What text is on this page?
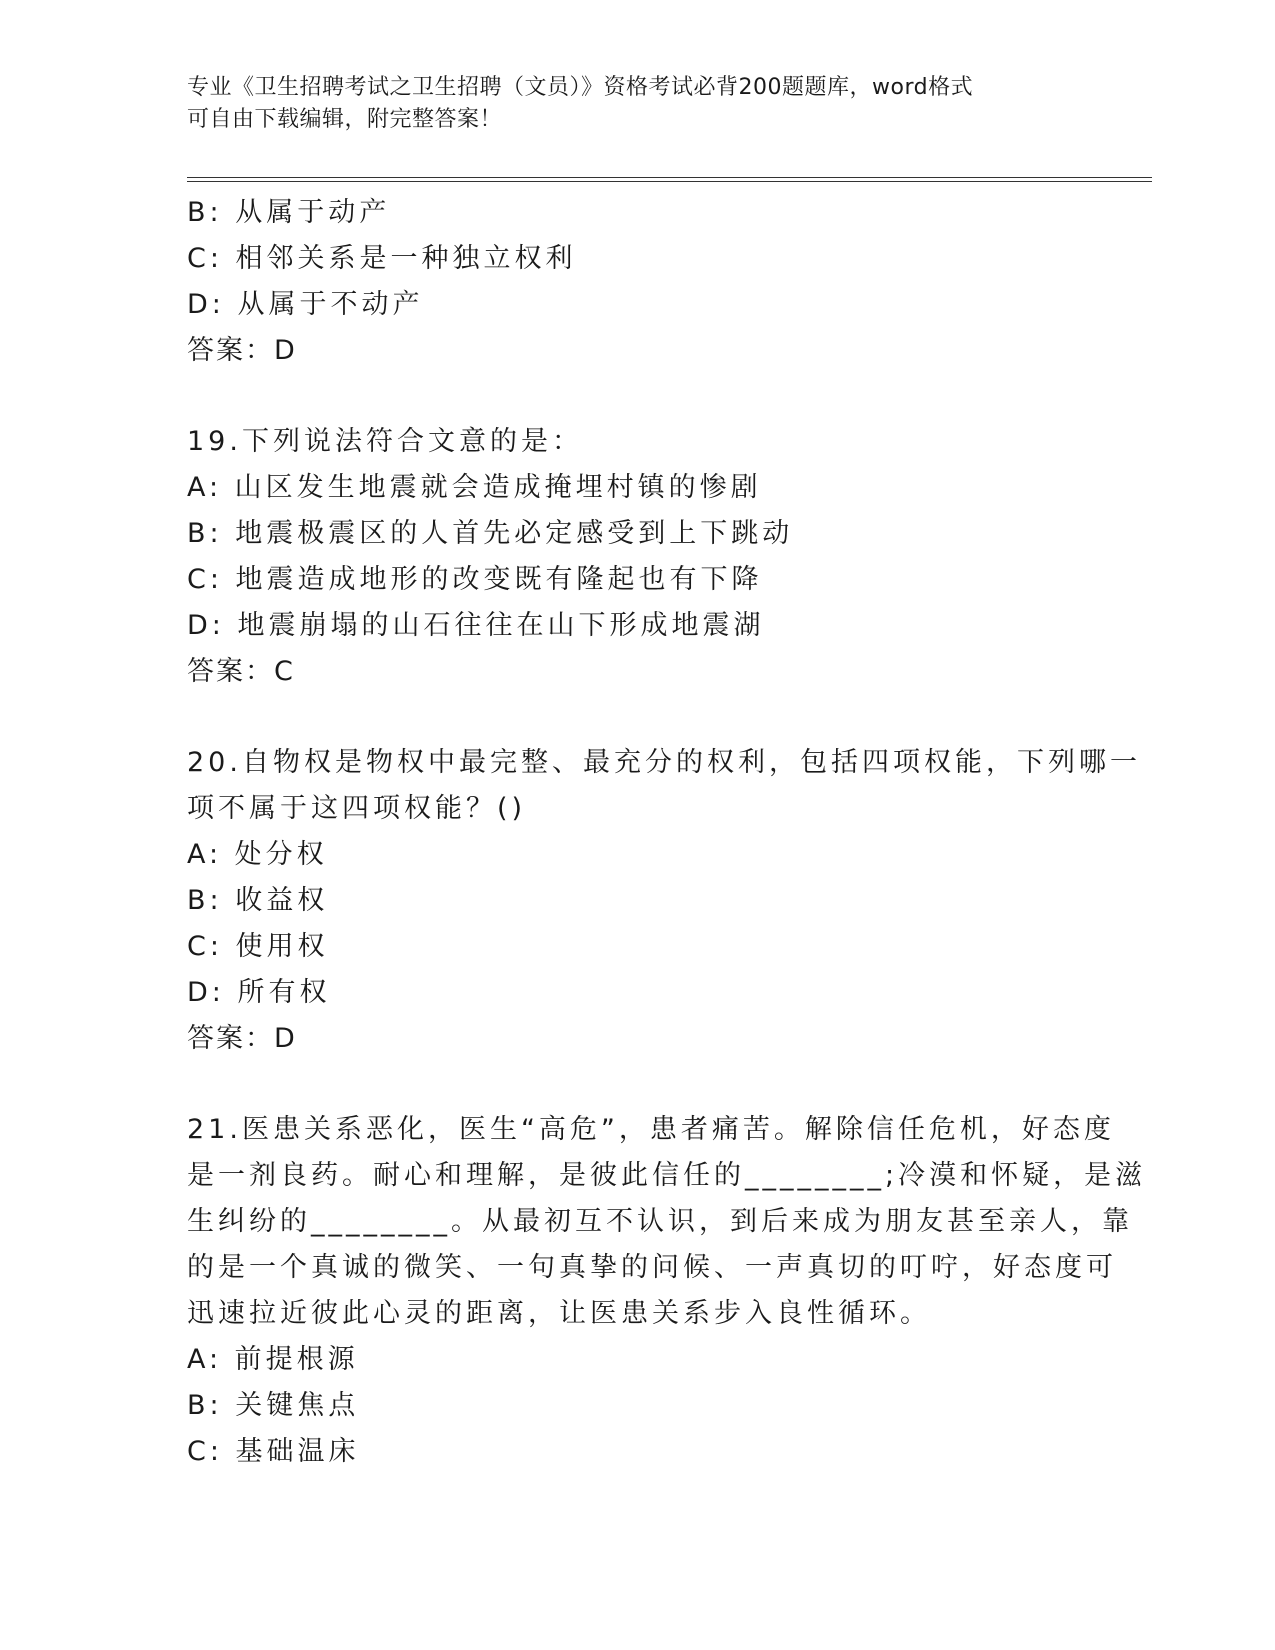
专业《卫生招聘考试之卫生招聘（文员）》资格考试必背200题题库，word格式
可自由下载编辑，附完整答案！
B: 从属于动产
C: 相邻关系是一种独立权利
D: 从属于不动产
答案：D
19.下列说法符合文意的是：
A: 山区发生地震就会造成掩埋村镇的惨剧
B: 地震极震区的人首先必定感受到上下跳动
C: 地震造成地形的改变既有隆起也有下降
D: 地震崩塌的山石往往在山下形成地震湖
答案：C
20.自物权是物权中最完整、最充分的权利，包括四项权能，下列哪一
项不属于这四项权能？()
A: 处分权
B: 收益权
C: 使用权
D: 所有权
答案：D
21.医患关系恶化，医生“高危”，患者痛苦。解除信任危机，好态度
是一剂良药。耐心和理解，是彼此信任的________;冷漠和怀疑，是滋
生纠纷的________。从最初互不认识，到后来成为朋友甚至亲人，靠
的是一个真诚的微笑、一句真挚的问候、一声真切的叮咛，好态度可
迅速拉近彼此心灵的距离，让医患关系步入良性循环。
A: 前提根源
B: 关键焦点
C: 基础温床
